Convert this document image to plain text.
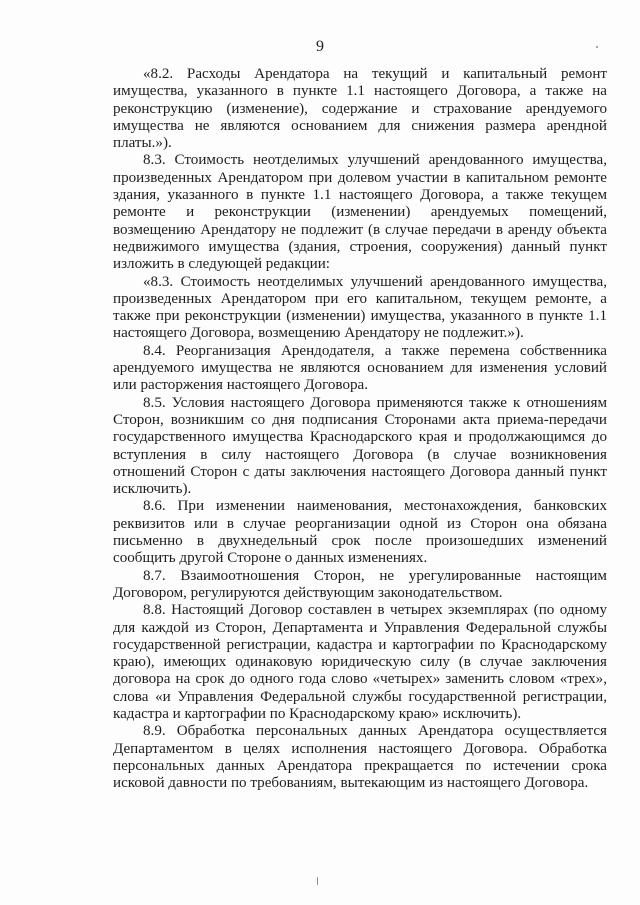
9

«8.2. Расходы Арендатора на текущий и капитальный ремонт имущества, указанного в пункте 1.1 настоящего Договора, а также на реконструкцию (изменение), содержание и страхование арендуемого имущества не являются основанием для снижения размера арендной платы.»).

8.3. Стоимость неотделимых улучшений арендованного имущества, произведенных Арендатором при долевом участии в капитальном ремонте здания, указанного в пункте 1.1 настоящего Договора, а также текущем ремонте и реконструкции (изменении) арендуемых помещений, возмещению Арендатору не подлежит (в случае передачи в аренду объекта недвижимого имущества (здания, строения, сооружения) данный пункт изложить в следующей редакции:

«8.3. Стоимость неотделимых улучшений арендованного имущества, произведенных Арендатором при его капитальном, текущем ремонте, а также при реконструкции (изменении) имущества, указанного в пункте 1.1 настоящего Договора, возмещению Арендатору не подлежит.»).

8.4. Реорганизация Арендодателя, а также перемена собственника арендуемого имущества не являются основанием для изменения условий или расторжения настоящего Договора.

8.5. Условия настоящего Договора применяются также к отношениям Сторон, возникшим со дня подписания Сторонами акта приема-передачи государственного имущества Краснодарского края и продолжающимся до вступления в силу настоящего Договора (в случае возникновения отношений Сторон с даты заключения настоящего Договора данный пункт исключить).

8.6. При изменении наименования, местонахождения, банковских реквизитов или в случае реорганизации одной из Сторон она обязана письменно в двухнедельный срок после произошедших изменений сообщить другой Стороне о данных изменениях.

8.7. Взаимоотношения Сторон, не урегулированные настоящим Договором, регулируются действующим законодательством.

8.8. Настоящий Договор составлен в четырех экземплярах (по одному для каждой из Сторон, Департамента и Управления Федеральной службы государственной регистрации, кадастра и картографии по Краснодарскому краю), имеющих одинаковую юридическую силу (в случае заключения договора на срок до одного года слово «четырех» заменить словом «трех», слова «и Управления Федеральной службы государственной регистрации, кадастра и картографии по Краснодарскому краю» исключить).

8.9. Обработка персональных данных Арендатора осуществляется Департаментом в целях исполнения настоящего Договора. Обработка персональных данных Арендатора прекращается по истечении срока исковой давности по требованиям, вытекающим из настоящего Договора.
